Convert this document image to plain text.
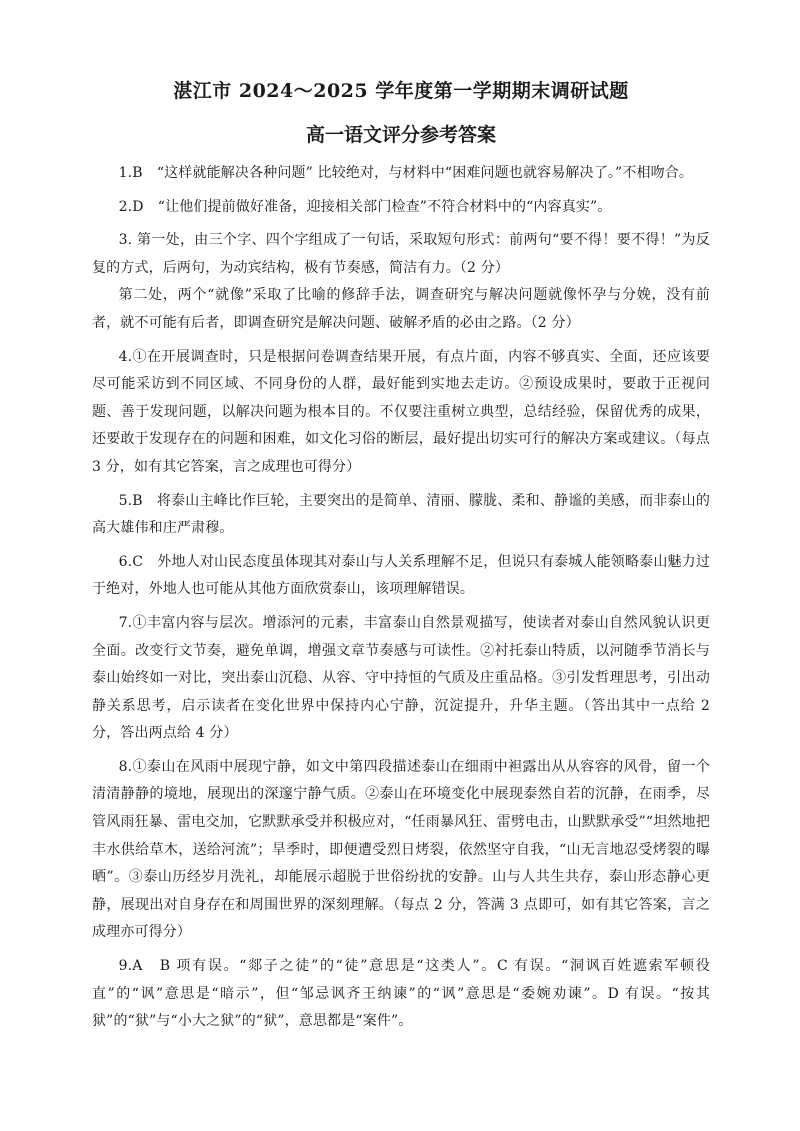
湛江市 2024～2025 学年度第一学期期末调研试题
高一语文评分参考答案

1.B　“这样就能解决各种问题” 比较绝对，与材料中“困难问题也就容易解决了。”不相吻合。

2.D　“让他们提前做好准备，迎接相关部门检查”不符合材料中的“内容真实”。

3. 第一处，由三个字、四个字组成了一句话，采取短句形式：前两句“要不得！要不得！”为反复的方式，后两句，为动宾结构，极有节奏感，简洁有力。（2 分）

第二处，两个“就像”采取了比喻的修辞手法，调查研究与解决问题就像怀孕与分娩，没有前者，就不可能有后者，即调查研究是解决问题、破解矛盾的必由之路。（2 分）

4.①在开展调查时，只是根据问卷调查结果开展，有点片面，内容不够真实、全面，还应该要尽可能采访到不同区域、不同身份的人群，最好能到实地去走访。②预设成果时，要敢于正视问题、善于发现问题，以解决问题为根本目的。不仅要注重树立典型，总结经验，保留优秀的成果，还要敢于发现存在的问题和困难，如文化习俗的断层，最好提出切实可行的解决方案或建议。（每点 3 分，如有其它答案，言之成理也可得分）

5.B　将泰山主峰比作巨轮，主要突出的是简单、清丽、朦胧、柔和、静谧的美感，而非泰山的高大雄伟和庄严肃穆。

6.C　外地人对山民态度虽体现其对泰山与人关系理解不足，但说只有泰城人能领略泰山魅力过于绝对，外地人也可能从其他方面欣赏泰山，该项理解错误。

7.①丰富内容与层次。增添河的元素，丰富泰山自然景观描写，使读者对泰山自然风貌认识更全面。改变行文节奏，避免单调，增强文章节奏感与可读性。②衬托泰山特质，以河随季节消长与泰山始终如一对比，突出泰山沉稳、从容、守中持恒的气质及庄重品格。③引发哲理思考，引出动静关系思考，启示读者在变化世界中保持内心宁静，沉淀提升，升华主题。（答出其中一点给 2 分，答出两点给 4 分）

8.①泰山在风雨中展现宁静，如文中第四段描述泰山在细雨中袒露出从从容容的风骨，留一个清清静静的境地，展现出的深邃宁静气质。②泰山在环境变化中展现泰然自若的沉静，在雨季，尽管风雨狂暴、雷电交加，它默默承受并积极应对，“任雨暴风狂、雷劈电击，山默默承受”“坦然地把丰水供给草木，送给河流”；旱季时，即便遭受烈日烤裂，依然坚守自我，“山无言地忍受烤裂的曝晒”。③泰山历经岁月洗礼，却能展示超脱于世俗纷扰的安静。山与人共生共存，泰山形态静心更静，展现出对自身存在和周围世界的深刻理解。（每点 2 分，答满 3 点即可，如有其它答案，言之成理亦可得分）

9.A　B 项有误。“郯子之徒”的“徒”意思是“这类人”。C 有误。“洞讽百姓遮索军顿役直”的“讽”意思是“暗示”，但“邹忌讽齐王纳谏”的“讽”意思是“委婉劝谏”。D 有误。“按其狱”的“狱”与“小大之狱”的“狱”，意思都是“案件”。
